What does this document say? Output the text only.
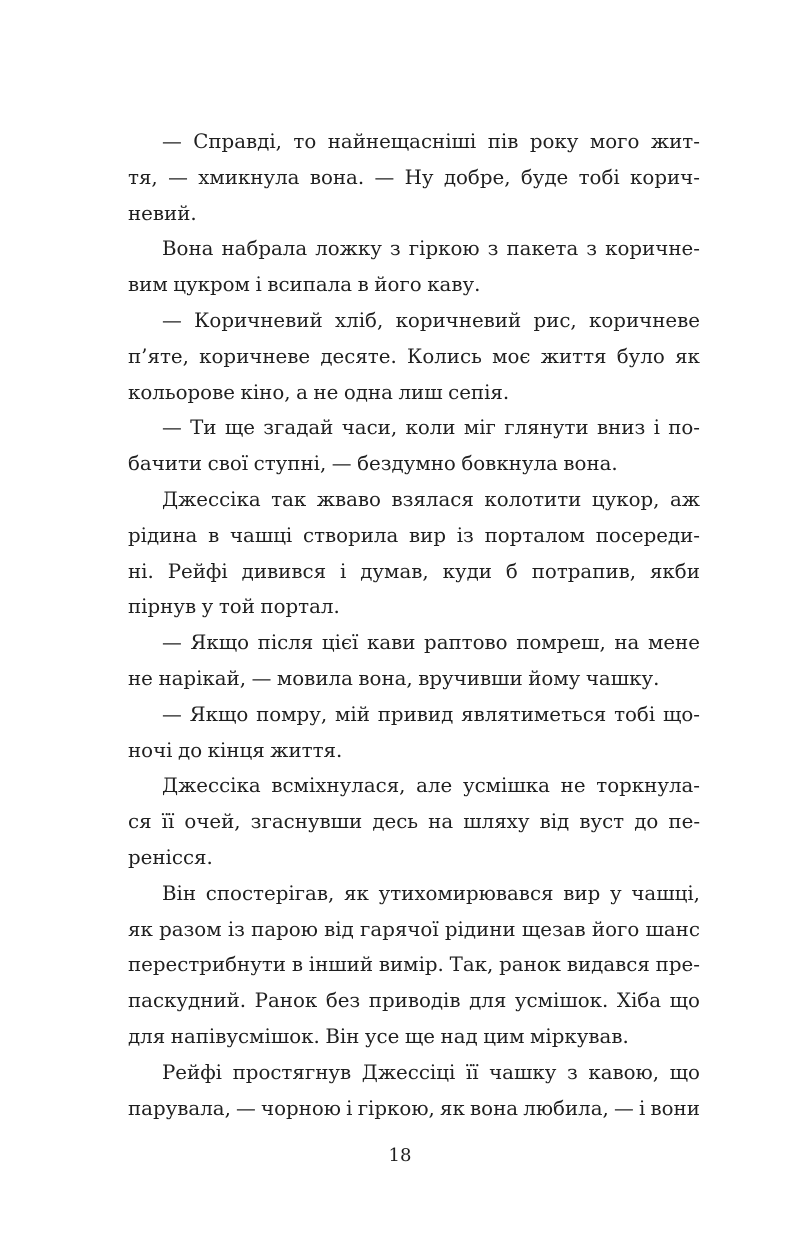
— Справді, то найнещасніші пів року мого жит-
тя, — хмикнула вона. — Ну добре, буде тобі корич-
невий.
Вона набрала ложку з гіркою з пакета з коричне-
вим цукром і всипала в його каву.
— Коричневий хліб, коричневий рис, коричневе
п’яте, коричневе десяте. Колись моє життя було як
кольорове кіно, а не одна лиш сепія.
— Ти ще згадай часи, коли міг глянути вниз і по-
бачити свої ступні, — бездумно бовкнула вона.
Джессіка так жваво взялася колотити цукор, аж
рідина в чашці створила вир із порталом посереди-
ні. Рейфі дивився і думав, куди б потрапив, якби
пірнув у той портал.
— Якщо після цієї кави раптово помреш, на мене
не нарікай, — мовила вона, вручивши йому чашку.
— Якщо помру, мій привид являтиметься тобі що-
ночі до кінця життя.
Джессіка всміхнулася, але усмішка не торкнула-
ся її очей, згаснувши десь на шляху від вуст до пе-
ренісся.
Він спостерігав, як утихомирювався вир у чашці,
як разом із парою від гарячої рідини щезав його шанс
перестрибнути в інший вимір. Так, ранок видався пре-
паскудний. Ранок без приводів для усмішок. Хіба що
для напівусмішок. Він усе ще над цим міркував.
Рейфі простягнув Джессіці її чашку з кавою, що
парувала, — чорною і гіркою, як вона любила, — і вони
18
